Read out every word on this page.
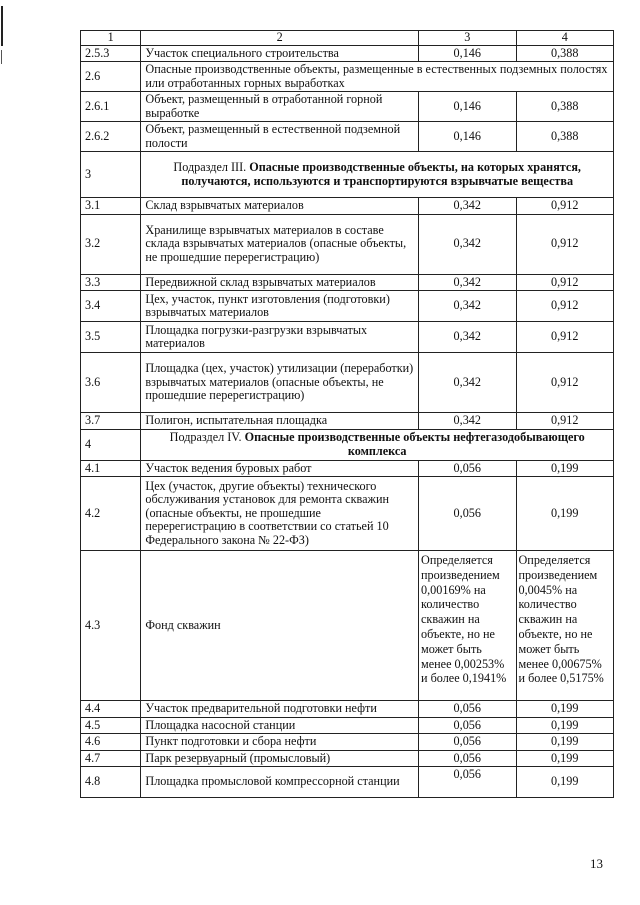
1	2	3	4
2.5.3	Участок специального строительства	0,146	0,388
2.6	Опасные производственные объекты, размещенные в естественных подземных полостях или отработанных горных выработках		
2.6.1	Объект, размещенный в отработанной горной выработке	0,146	0,388
2.6.2	Объект, размещенный в естественной подземной полости	0,146	0,388
3	Подраздел III. Опасные производственные объекты, на которых хранятся, получаются, используются и транспортируются взрывчатые вещества		
3.1	Склад взрывчатых материалов	0,342	0,912
3.2	Хранилище взрывчатых материалов в составе склада взрывчатых материалов (опасные объекты, не прошедшие перерегистрацию)	0,342	0,912
3.3	Передвижной склад взрывчатых материалов	0,342	0,912
3.4	Цех, участок, пункт изготовления (подготовки) взрывчатых материалов	0,342	0,912
3.5	Площадка погрузки-разгрузки взрывчатых материалов	0,342	0,912
3.6	Площадка (цех, участок) утилизации (переработки) взрывчатых материалов (опасные объекты, не прошедшие перерегистрацию)	0,342	0,912
3.7	Полигон, испытательная площадка	0,342	0,912
4	Подраздел IV. Опасные производственные объекты нефтегазодобывающего комплекса		
4.1	Участок ведения буровых работ	0,056	0,199
4.2	Цех (участок, другие объекты) технического обслуживания установок для ремонта скважин (опасные объекты, не прошедшие перерегистрацию в соответствии со статьей 10 Федерального закона № 22-ФЗ)	0,056	0,199
4.3	Фонд скважин	Определяется произведением 0,00169% на количество скважин на объекте, но не может быть менее 0,00253% и более 0,1941%	Определяется произведением 0,0045% на количество скважин на объекте, но не может быть менее 0,00675% и более 0,5175%
4.4	Участок предварительной подготовки нефти	0,056	0,199
4.5	Площадка насосной станции	0,056	0,199
4.6	Пункт подготовки и сбора нефти	0,056	0,199
4.7	Парк резервуарный (промысловый)	0,056	0,199
4.8	Площадка промысловой компрессорной станции	0,056	0,199
13
